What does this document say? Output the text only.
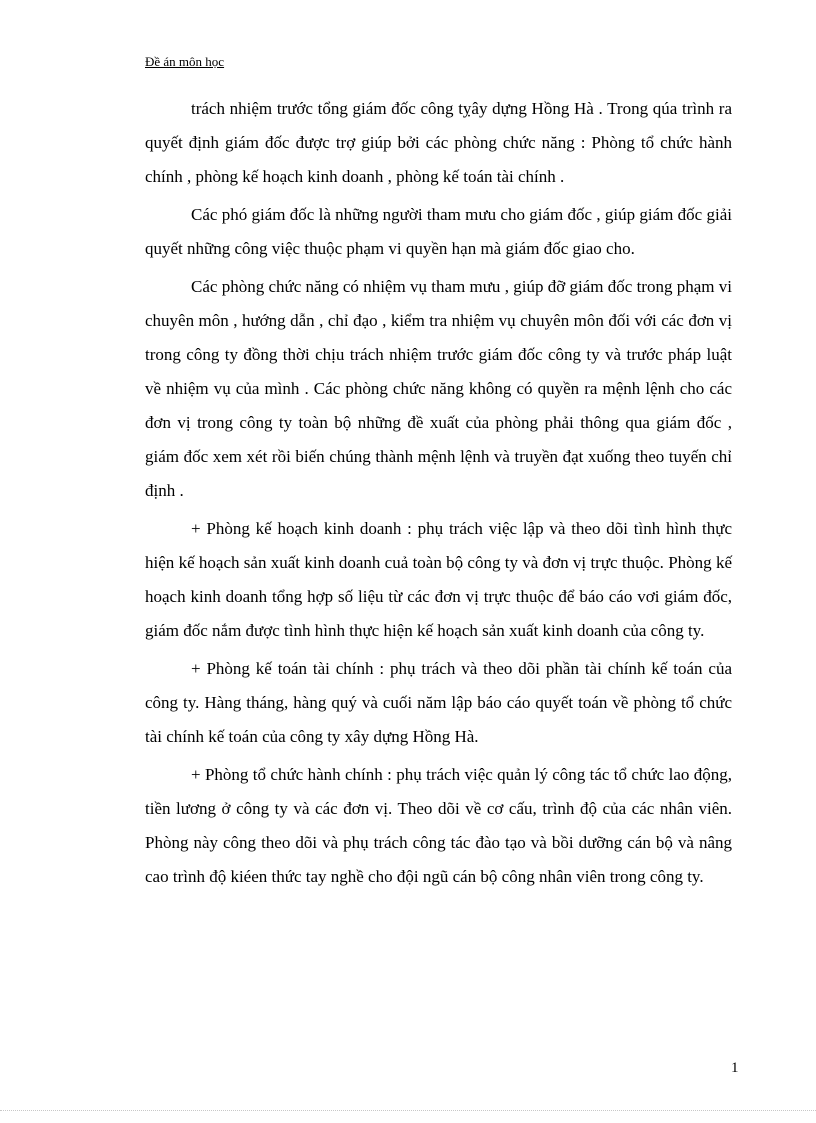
Đề án môn học

trách nhiệm trước tổng giám đốc công tỵây dựng Hồng Hà . Trong qúa trình ra quyết định giám đốc được trợ giúp bởi các phòng chức năng : Phòng tổ chức hành chính , phòng kế hoạch kinh doanh , phòng kế toán tài chính .

Các phó giám đốc là những người tham mưu cho giám đốc , giúp giám đốc giải quyết những công việc thuộc phạm vi quyền hạn mà giám đốc giao cho.

Các phòng chức năng có nhiệm vụ tham mưu , giúp đỡ giám đốc trong phạm vi chuyên môn , hướng dẫn , chỉ đạo , kiểm tra nhiệm vụ chuyên môn đối với các đơn vị trong công ty đồng thời chịu trách nhiệm trước giám đốc công ty và trước pháp luật về nhiệm vụ của mình . Các phòng chức năng không có quyền ra mệnh lệnh cho các đơn vị trong công ty toàn bộ những đề xuất của phòng phải thông qua giám đốc , giám đốc xem xét rồi biến chúng thành mệnh lệnh và truyền đạt xuống theo tuyến chỉ định .

+ Phòng kế hoạch kinh doanh : phụ trách việc lập và theo dõi tình hình thực hiện kế hoạch sản xuất kinh doanh cuả toàn bộ công ty và đơn vị trực thuộc. Phòng kế hoạch kinh doanh tổng hợp số liệu từ các đơn vị trực thuộc để báo cáo vơi giám đốc, giám đốc nắm được tình hình thực hiện kế hoạch sản xuất kinh doanh của công ty.

+ Phòng kế toán tài chính : phụ trách và theo dõi phần tài chính kế toán của công ty. Hàng tháng, hàng quý và cuối năm lập báo cáo quyết toán về phòng tổ chức tài chính kế toán của công ty xây dựng Hồng Hà.

+ Phòng tổ chức hành chính : phụ trách việc quản lý công tác tổ chức lao động, tiền lương ở công ty và các đơn vị. Theo dõi về cơ cấu, trình độ của các nhân viên. Phòng này công theo dõi và phụ trách công tác đào tạo và bồi dưỡng cán bộ và nâng cao trình độ kiéen thức tay nghề cho đội ngũ cán bộ công nhân viên trong công ty.

1
